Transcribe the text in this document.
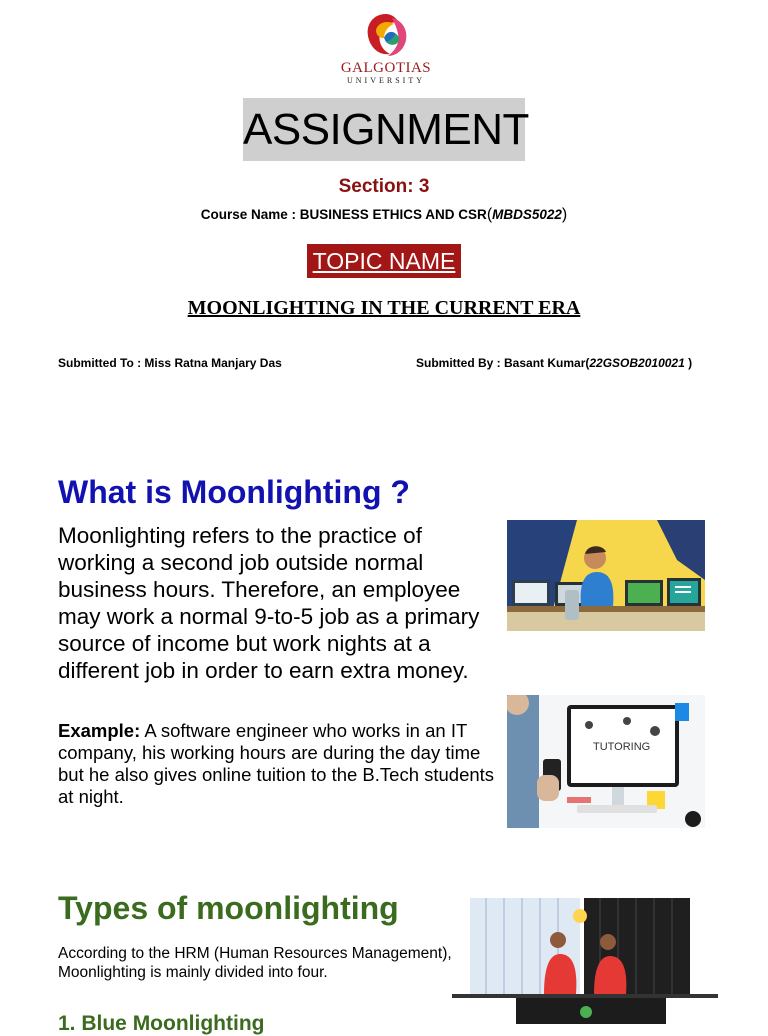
GALGOTIAS
UNIVERSITY
ASSIGNMENT
Section: 3
Course Name : BUSINESS ETHICS AND CSR(MBDS5022)
TOPIC NAME
MOONLIGHTING IN THE CURRENT ERA
Submitted To : Miss Ratna Manjary Das	Submitted By : Basant Kumar(22GSOB2010021 )
What is Moonlighting ?
Moonlighting refers to the practice of working a second job outside normal business hours. Therefore, an employee may work a normal 9-to-5 job as a primary source of income but work nights at a different job in order to earn extra money.
Example: A software engineer who works in an IT company, his working hours are during the day time but he also gives online tuition to the B.Tech students at night.
TUTORING
Types of moonlighting
According to the HRM (Human Resources Management), Moonlighting is mainly divided into four.
1. Blue Moonlighting
